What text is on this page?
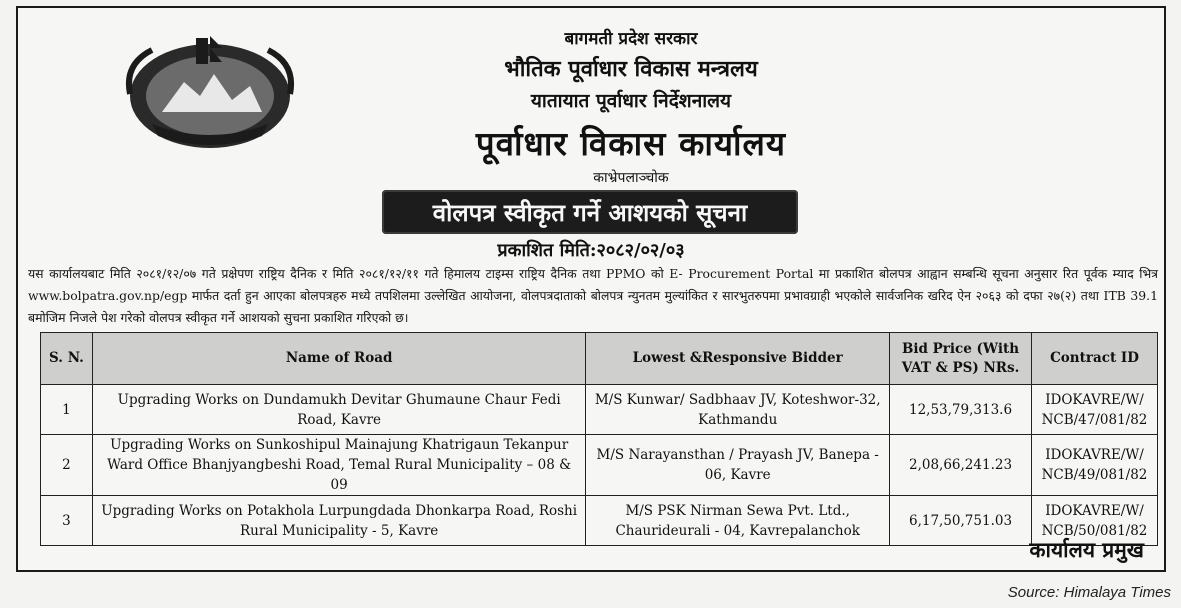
बागमती प्रदेश सरकार
भौतिक पूर्वाधार विकास मन्त्रलय
यातायात पूर्वाधार निर्देशनालय
पूर्वाधार विकास कार्यालय
काभ्रेपलाञ्चोक
वोलपत्र स्वीकृत गर्ने आशयको सूचना
प्रकाशित मिति:२०८२/०२/०३
यस कार्यालयबाट मिति २०८१/१२/०७ गते प्रक्षेपण राष्ट्रिय दैनिक र मिति २०८१/१२/११ गते हिमालय टाइम्स राष्ट्रिय दैनिक तथा PPMO को E- Procurement Portal मा प्रकाशित बोलपत्र आह्वान सम्बन्धि सूचना अनुसार रित पूर्वक म्याद भित्र www.bolpatra.gov.np/egp मार्फत दर्ता हुन आएका बोलपत्रहरु मध्ये तपशिलमा उल्लेखित आयोजना, वोलपत्रदाताको बोलपत्र न्युनतम मुल्यांकित र सारभुतरुपमा प्रभावग्राही भएकोले सार्वजनिक खरिद ऐन २०६३ को दफा २७(२) तथा ITB 39.1 बमोजिम निजले पेश गरेको वोलपत्र स्वीकृत गर्ने आशयको सुचना प्रकाशित गरिएको छ।
S. N.	Name of Road	Lowest &Responsive Bidder	Bid Price (With VAT & PS) NRs.	Contract ID
1	Upgrading Works on Dundamukh Devitar Ghumaune Chaur Fedi Road, Kavre	M/S Kunwar/ Sadbhaav JV, Koteshwor-32, Kathmandu	12,53,79,313.6	IDOKAVRE/W/ NCB/47/081/82
2	Upgrading Works on Sunkoshipul Mainajung Khatrigaun Tekanpur Ward Office Bhanjyangbeshi Road, Temal Rural Municipality – 08 & 09	M/S Narayansthan / Prayash JV, Banepa - 06, Kavre	2,08,66,241.23	IDOKAVRE/W/ NCB/49/081/82
3	Upgrading Works on Potakhola Lurpungdada Dhonkarpa Road, Roshi Rural Municipality - 5, Kavre	M/S PSK Nirman Sewa Pvt. Ltd., Chaurideurali - 04, Kavrepalanchok	6,17,50,751.03	IDOKAVRE/W/ NCB/50/081/82
कार्यालय प्रमुख
Source: Himalaya Times
